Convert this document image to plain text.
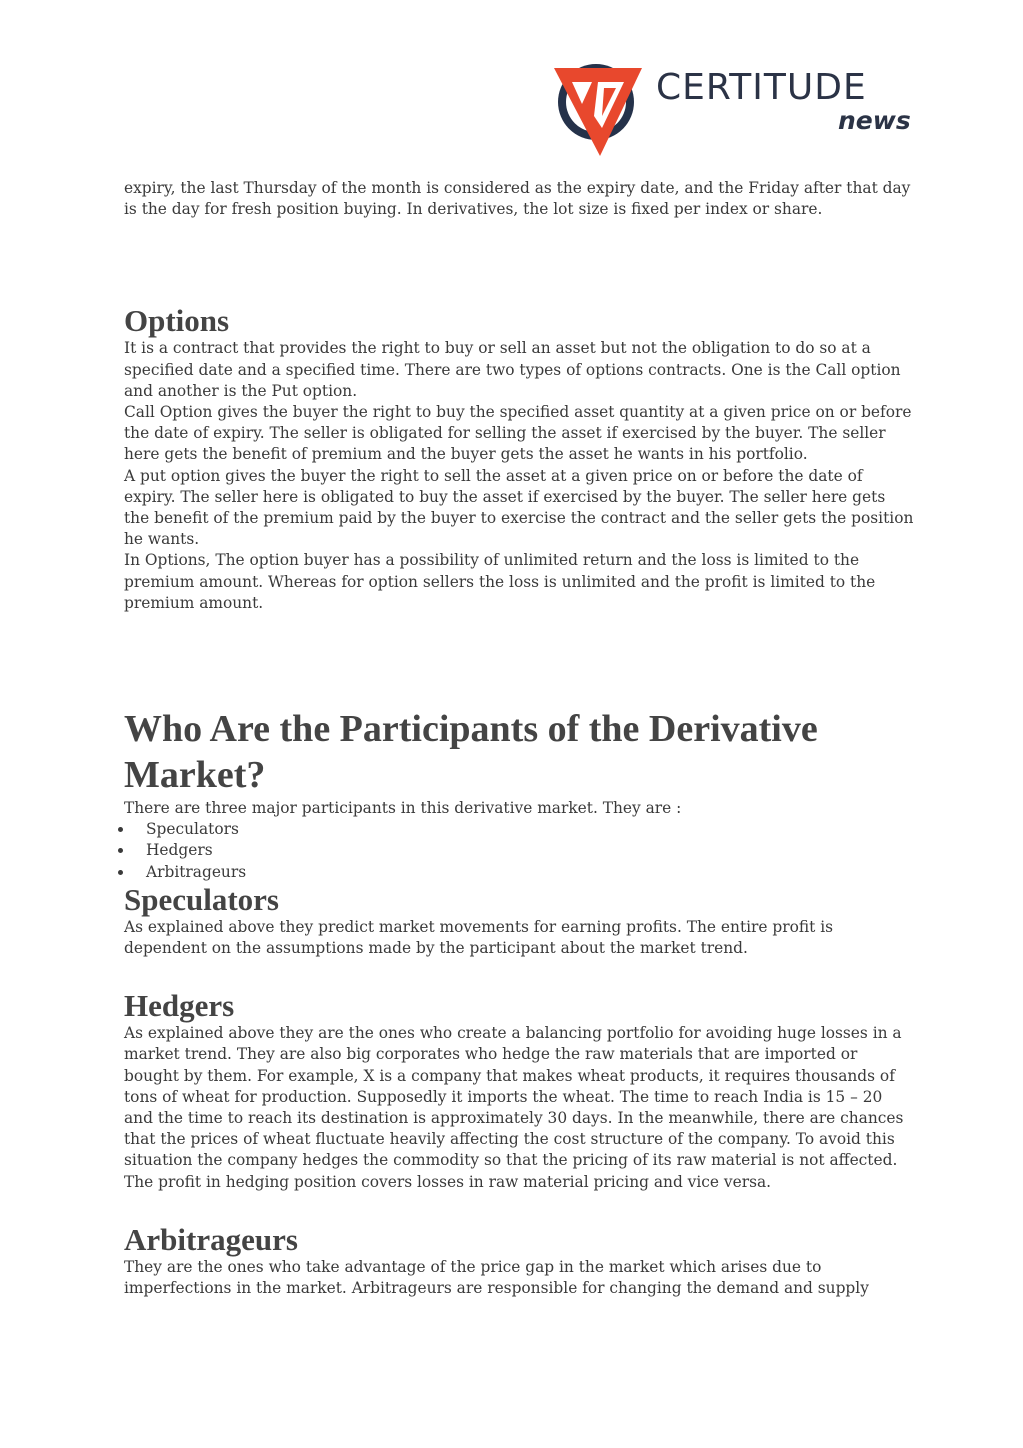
CERTITUDE
news

expiry, the last Thursday of the month is considered as the expiry date, and the Friday after that day is the day for fresh position buying. In derivatives, the lot size is fixed per index or share.

Options

It is a contract that provides the right to buy or sell an asset but not the obligation to do so at a specified date and a specified time. There are two types of options contracts. One is the Call option and another is the Put option.

Call Option gives the buyer the right to buy the specified asset quantity at a given price on or before the date of expiry. The seller is obligated for selling the asset if exercised by the buyer. The seller here gets the benefit of premium and the buyer gets the asset he wants in his portfolio.

A put option gives the buyer the right to sell the asset at a given price on or before the date of expiry. The seller here is obligated to buy the asset if exercised by the buyer. The seller here gets the benefit of the premium paid by the buyer to exercise the contract and the seller gets the position he wants.

In Options, The option buyer has a possibility of unlimited return and the loss is limited to the premium amount. Whereas for option sellers the loss is unlimited and the profit is limited to the premium amount.

Who Are the Participants of the Derivative Market?

There are three major participants in this derivative market. They are :

Speculators
Hedgers
Arbitrageurs
Speculators

As explained above they predict market movements for earning profits. The entire profit is dependent on the assumptions made by the participant about the market trend.

Hedgers

As explained above they are the ones who create a balancing portfolio for avoiding huge losses in a market trend. They are also big corporates who hedge the raw materials that are imported or bought by them. For example, X is a company that makes wheat products, it requires thousands of tons of wheat for production. Supposedly it imports the wheat. The time to reach India is 15 – 20 and the time to reach its destination is approximately 30 days. In the meanwhile, there are chances that the prices of wheat fluctuate heavily affecting the cost structure of the company. To avoid this situation the company hedges the commodity so that the pricing of its raw material is not affected. The profit in hedging position covers losses in raw material pricing and vice versa.

Arbitrageurs

They are the ones who take advantage of the price gap in the market which arises due to imperfections in the market. Arbitrageurs are responsible for changing the demand and supply
